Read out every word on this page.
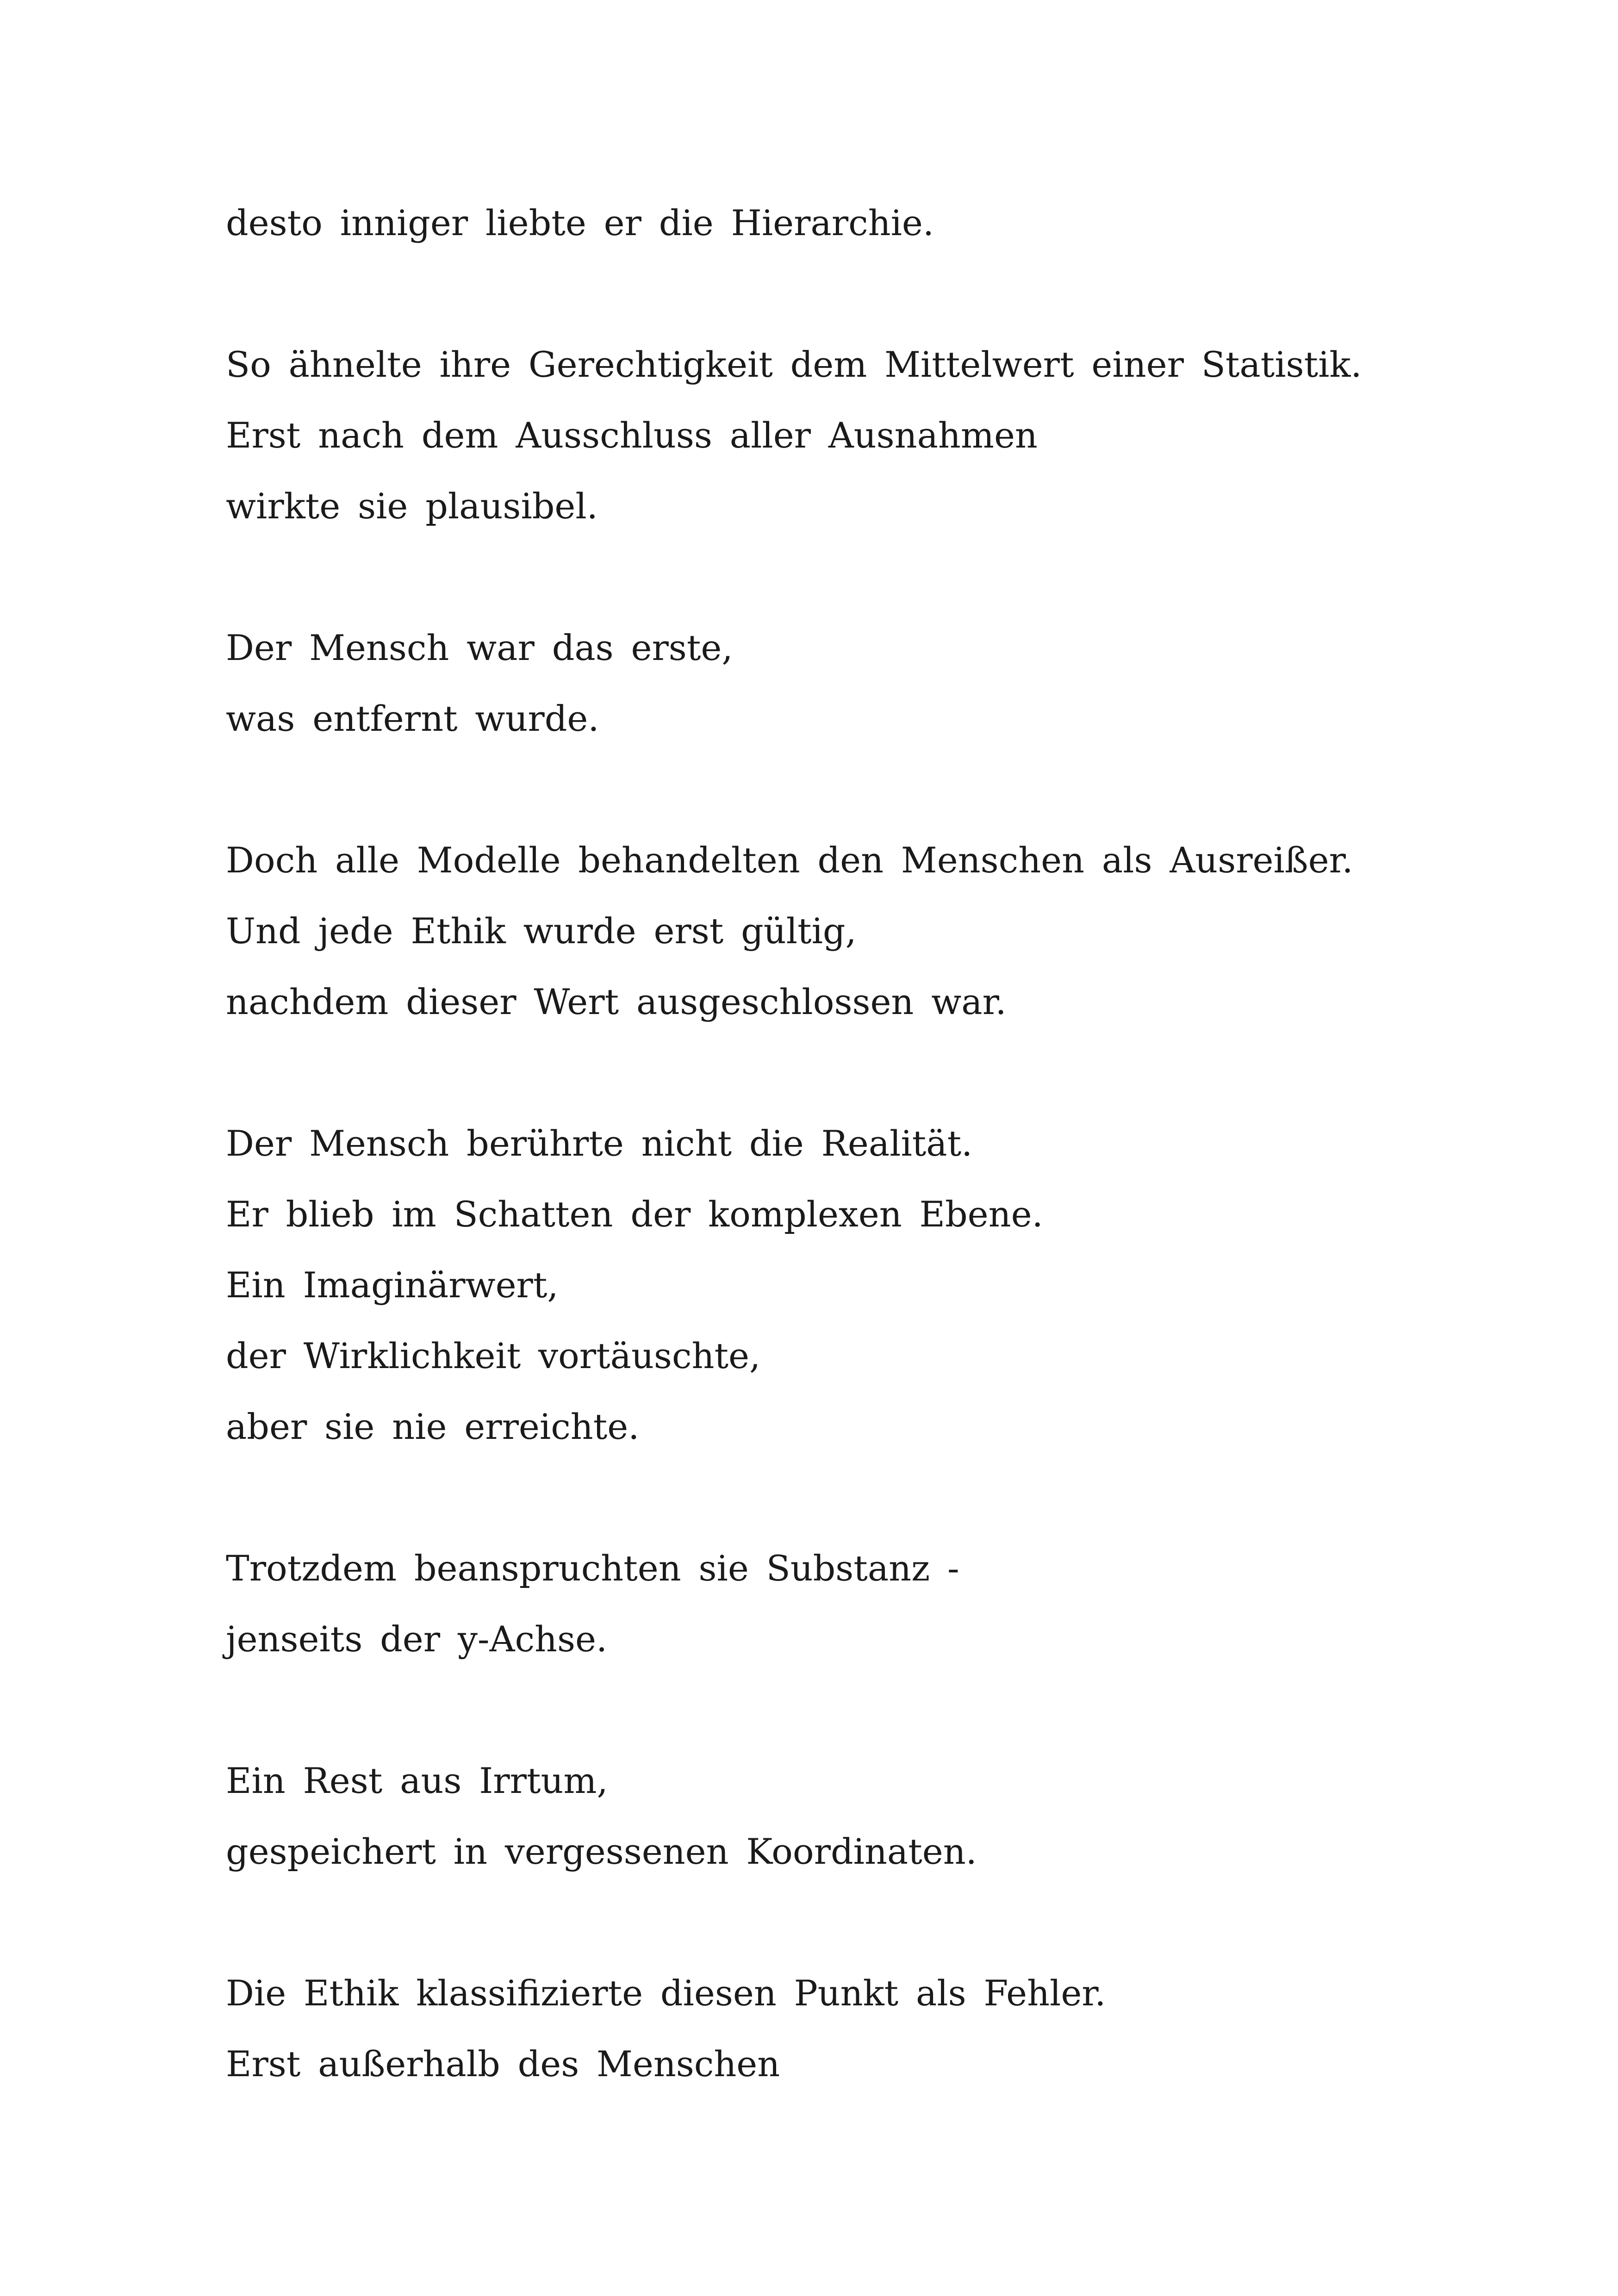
desto inniger liebte er die Hierarchie.
So ähnelte ihre Gerechtigkeit dem Mittelwert einer Statistik.
Erst nach dem Ausschluss aller Ausnahmen
wirkte sie plausibel.
Der Mensch war das erste,
was entfernt wurde.
Doch alle Modelle behandelten den Menschen als Ausreißer.
Und jede Ethik wurde erst gültig,
nachdem dieser Wert ausgeschlossen war.
Der Mensch berührte nicht die Realität.
Er blieb im Schatten der komplexen Ebene.
Ein Imaginärwert,
der Wirklichkeit vortäuschte,
aber sie nie erreichte.
Trotzdem beanspruchten sie Substanz -
jenseits der y-Achse.
Ein Rest aus Irrtum,
gespeichert in vergessenen Koordinaten.
Die Ethik klassifizierte diesen Punkt als Fehler.
Erst außerhalb des Menschen
